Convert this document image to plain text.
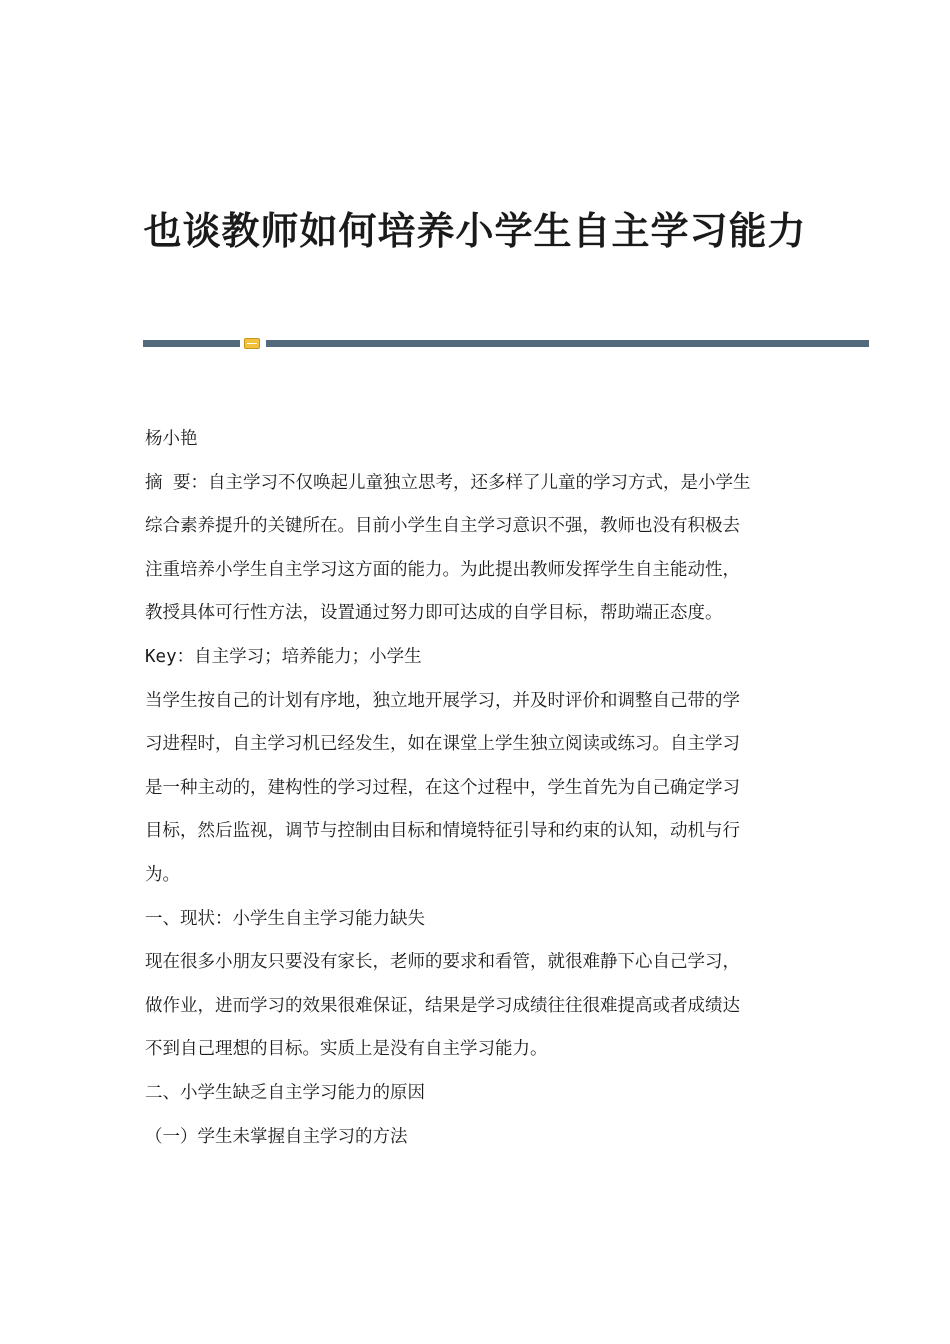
也谈教师如何培养小学生自主学习能力

杨小艳

摘 要：自主学习不仅唤起儿童独立思考，还多样了儿童的学习方式，是小学生

综合素养提升的关键所在。目前小学生自主学习意识不强，教师也没有积极去

注重培养小学生自主学习这方面的能力。为此提出教师发挥学生自主能动性，

教授具体可行性方法，设置通过努力即可达成的自学目标，帮助端正态度。

Key：自主学习；培养能力；小学生

当学生按自己的计划有序地，独立地开展学习，并及时评价和调整自己带的学

习进程时，自主学习机已经发生，如在课堂上学生独立阅读或练习。自主学习

是一种主动的，建构性的学习过程，在这个过程中，学生首先为自己确定学习

目标，然后监视，调节与控制由目标和情境特征引导和约束的认知，动机与行

为。

一、现状：小学生自主学习能力缺失

现在很多小朋友只要没有家长，老师的要求和看管，就很难静下心自己学习，

做作业，进而学习的效果很难保证，结果是学习成绩往往很难提高或者成绩达

不到自己理想的目标。实质上是没有自主学习能力。

二、小学生缺乏自主学习能力的原因

（一）学生未掌握自主学习的方法
